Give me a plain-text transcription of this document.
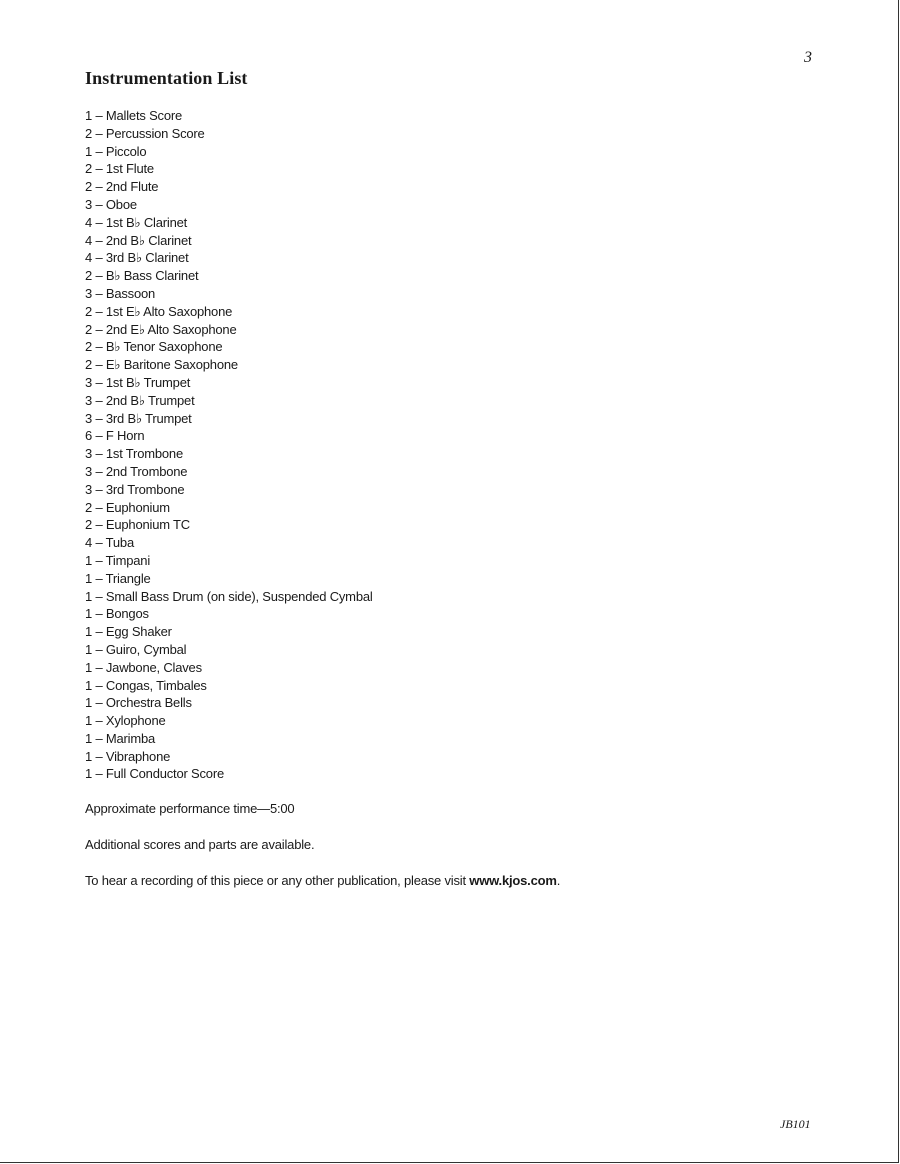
3
Instrumentation List
1 – Mallets Score
2 – Percussion Score
1 – Piccolo
2 – 1st Flute
2 – 2nd Flute
3 – Oboe
4 – 1st B♭ Clarinet
4 – 2nd B♭ Clarinet
4 – 3rd B♭ Clarinet
2 – B♭ Bass Clarinet
3 – Bassoon
2 – 1st E♭ Alto Saxophone
2 – 2nd E♭ Alto Saxophone
2 – B♭ Tenor Saxophone
2 – E♭ Baritone Saxophone
3 – 1st B♭ Trumpet
3 – 2nd B♭ Trumpet
3 – 3rd B♭ Trumpet
6 – F Horn
3 – 1st Trombone
3 – 2nd Trombone
3 – 3rd Trombone
2 – Euphonium
2 – Euphonium TC
4 – Tuba
1 – Timpani
1 – Triangle
1 – Small Bass Drum (on side), Suspended Cymbal
1 – Bongos
1 – Egg Shaker
1 – Guiro, Cymbal
1 – Jawbone, Claves
1 – Congas, Timbales
1 – Orchestra Bells
1 – Xylophone
1 – Marimba
1 – Vibraphone
1 – Full Conductor Score

Approximate performance time—5:00

Additional scores and parts are available.

To hear a recording of this piece or any other publication, please visit www.kjos.com.

JB101
